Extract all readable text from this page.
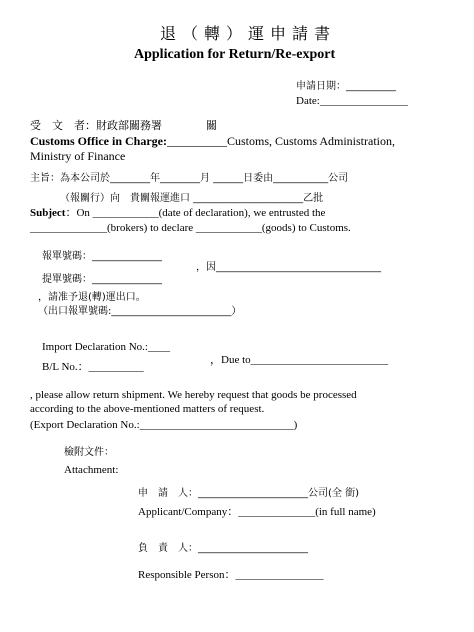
退（轉）運申請書
Application for Return/Re-export
申請日期：__________
Date:________________
受　文　者：財政部關務署　　　　關
Customs Office in Charge:__________Customs, Customs Administration,
Ministry of Finance
主旨：為本公司於________年________月 ______日委由___________公司
（報關行）向　貴關報運進口 ______________________乙批
Subject：On ____________(date of declaration), we entrusted the
______________(brokers) to declare ____________(goods) to Customs.
報單號碼：______________
，因_________________________________
提單號碼：______________
，請准予退(轉)運出口。
（出口報單號碼:________________________）
Import Declaration No.:____
，Due to_________________________
B/L No.：__________
, please allow return shipment. We hereby request that goods be processed
according to the above-mentioned matters of request.
(Export Declaration No.:____________________________)
檢附文件：
Attachment:
申　請　人：______________________公司(全 銜)
Applicant/Company：______________(in full name)
負　責　人：______________________
Responsible Person：________________
